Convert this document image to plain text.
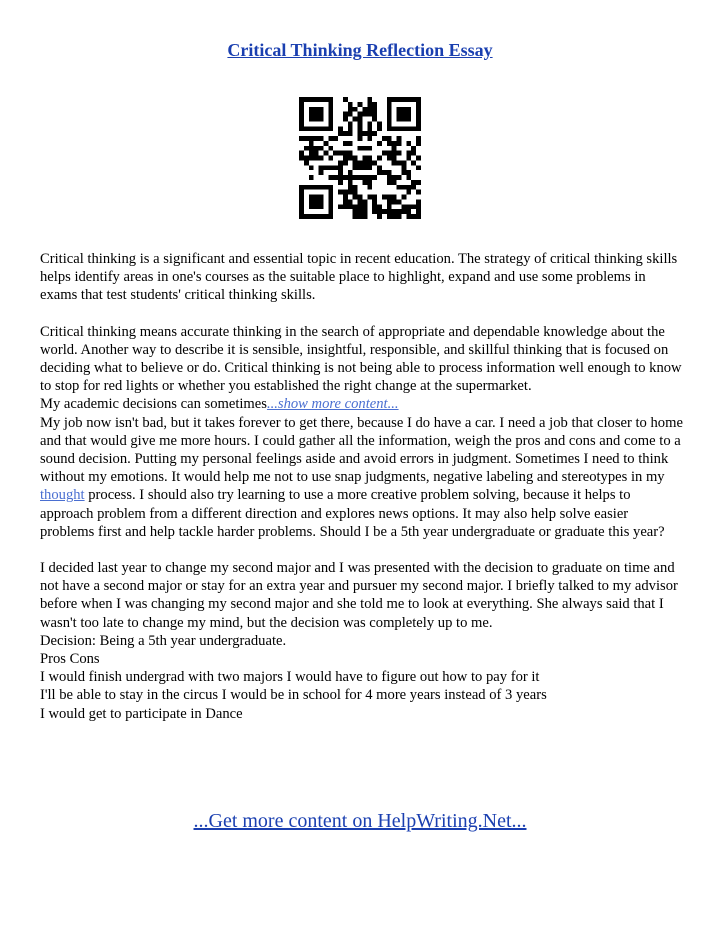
Critical Thinking Reflection Essay

Critical thinking is a significant and essential topic in recent education. The strategy of critical thinking skills helps identify areas in one's courses as the suitable place to highlight, expand and use some problems in exams that test students' critical thinking skills.

Critical thinking means accurate thinking in the search of appropriate and dependable knowledge about the world. Another way to describe it is sensible, insightful, responsible, and skillful thinking that is focused on deciding what to believe or do. Critical thinking is not being able to process information well enough to know to stop for red lights or whether you established the right change at the supermarket.

My academic decisions can sometimes...show more content...

My job now isn't bad, but it takes forever to get there, because I do have a car. I need a job that closer to home and that would give me more hours. I could gather all the information, weigh the pros and cons and come to a sound decision. Putting my personal feelings aside and avoid errors in judgment. Sometimes I need to think without my emotions. It would help me not to use snap judgments, negative labeling and stereotypes in my thought process. I should also try learning to use a more creative problem solving, because it helps to approach problem from a different direction and explores news options. It may also help solve easier problems first and help tackle harder problems. Should I be a 5th year undergraduate or graduate this year?

I decided last year to change my second major and I was presented with the decision to graduate on time and not have a second major or stay for an extra year and pursuer my second major. I briefly talked to my advisor before when I was changing my second major and she told me to look at everything. She always said that I wasn't too late to change my mind, but the decision was completely up to me.

Decision: Being a 5th year undergraduate.

Pros Cons

I would finish undergrad with two majors I would have to figure out how to pay for it

I'll be able to stay in the circus I would be in school for 4 more years instead of 3 years

I would get to participate in Dance

...Get more content on HelpWriting.Net...
